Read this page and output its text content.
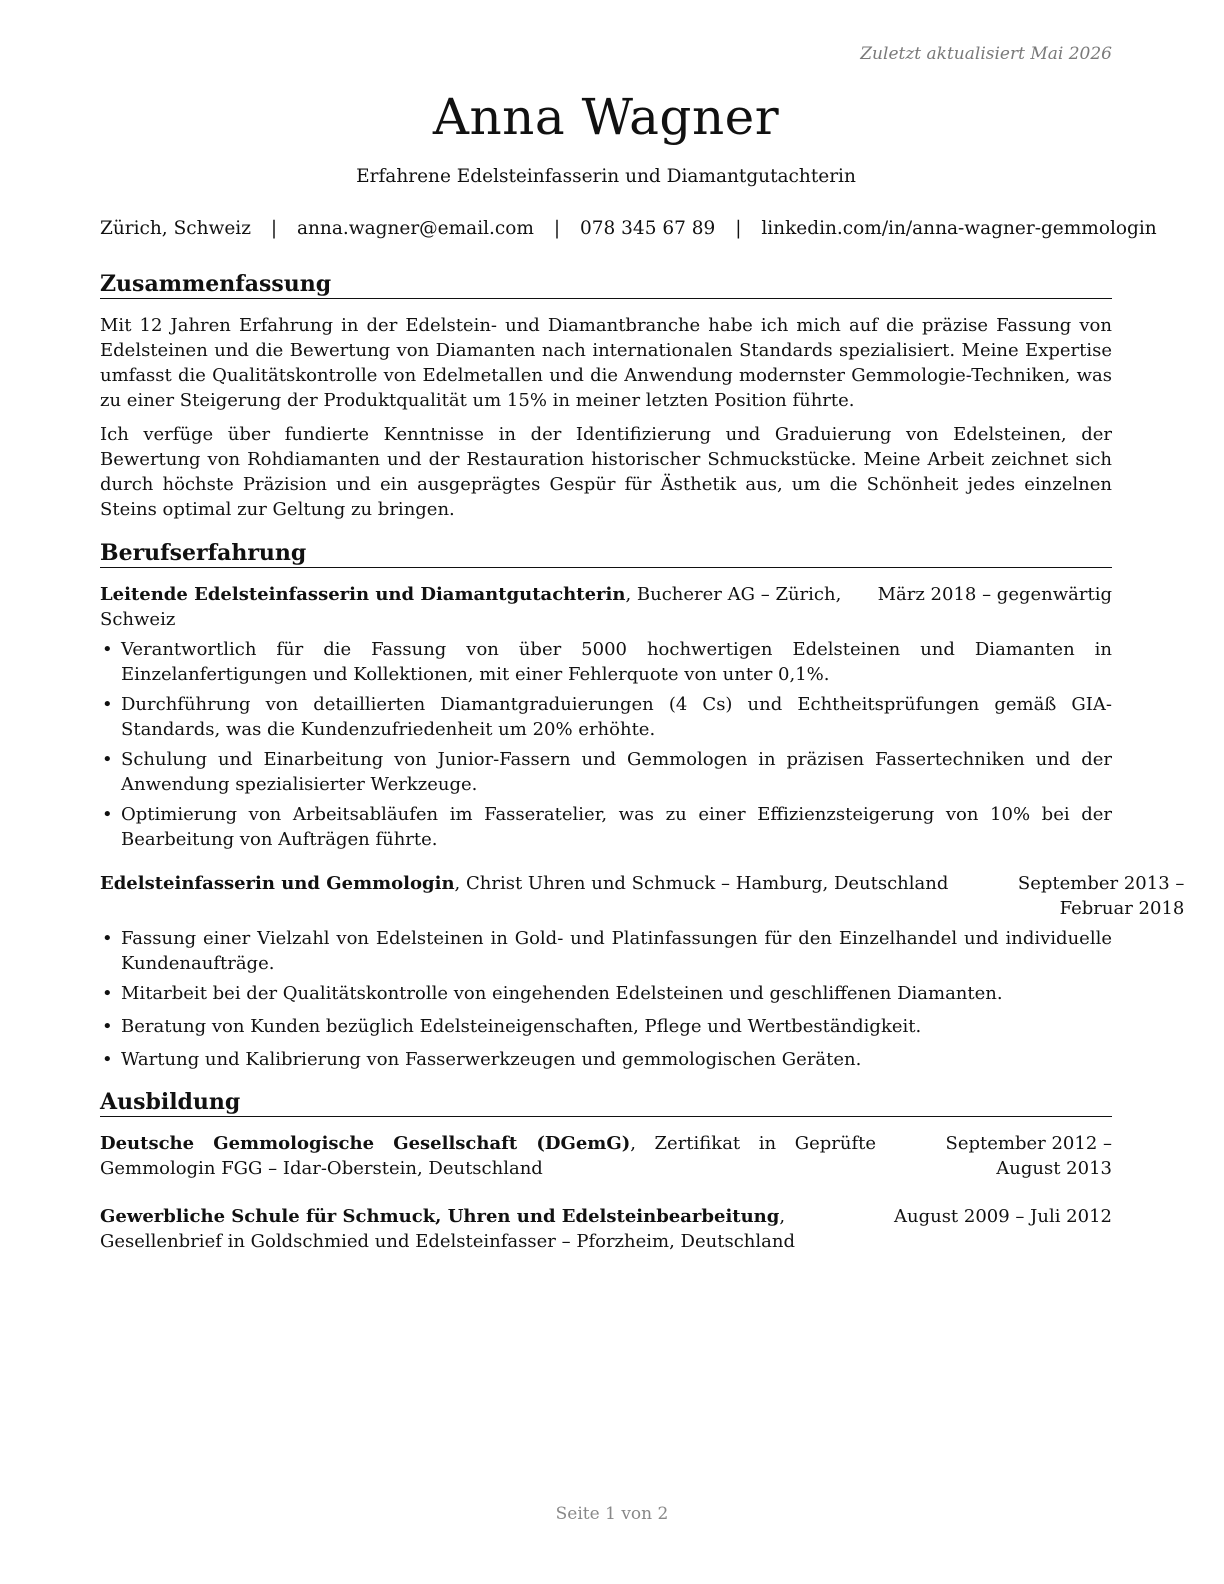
Zuletzt aktualisiert Mai 2026
Anna Wagner
Erfahrene Edelsteinfasserin und Diamantgutachterin
Zürich, Schweiz | anna.wagner@email.com | 078 345 67 89 | linkedin.com/in/anna-wagner-gemmologin
Zusammenfassung

Mit 12 Jahren Erfahrung in der Edelstein- und Diamantbranche habe ich mich auf die präzise Fassung von Edelsteinen und die Bewertung von Diamanten nach internationalen Standards spezialisiert. Meine Expertise umfasst die Qualitätskontrolle von Edelmetallen und die Anwendung modernster Gemmologie-Techniken, was zu einer Steigerung der Produktqualität um 15% in meiner letzten Position führte.

Ich verfüge über fundierte Kenntnisse in der Identifizierung und Graduierung von Edelsteinen, der Bewertung von Rohdiamanten und der Restauration historischer Schmuckstücke. Meine Arbeit zeichnet sich durch höchste Präzision und ein ausgeprägtes Gespür für Ästhetik aus, um die Schönheit jedes einzelnen Steins optimal zur Geltung zu bringen.

Berufserfahrung
Leitende Edelsteinfasserin und Diamantgutachterin, Bucherer AG – Zürich, Schweiz
März 2018 – gegenwärtig
• Verantwortlich für die Fassung von über 5000 hochwertigen Edelsteinen und Diamanten in Einzelanfertigungen und Kollektionen, mit einer Fehlerquote von unter 0,1%.
• Durchführung von detaillierten Diamantgraduierungen (4 Cs) und Echtheitsprüfungen gemäß GIA-Standards, was die Kundenzufriedenheit um 20% erhöhte.
• Schulung und Einarbeitung von Junior-Fassern und Gemmologen in präzisen Fassertechniken und der Anwendung spezialisierter Werkzeuge.
• Optimierung von Arbeitsabläufen im Fasseratelier, was zu einer Effizienzsteigerung von 10% bei der Bearbeitung von Aufträgen führte.
Edelsteinfasserin und Gemmologin, Christ Uhren und Schmuck – Hamburg, Deutschland	September 2013 – Februar 2018
• Fassung einer Vielzahl von Edelsteinen in Gold- und Platinfassungen für den Einzelhandel und individuelle Kundenaufträge.
• Mitarbeit bei der Qualitätskontrolle von eingehenden Edelsteinen und geschliffenen Diamanten.
• Beratung von Kunden bezüglich Edelsteineigenschaften, Pflege und Wertbeständigkeit.
• Wartung und Kalibrierung von Fasserwerkzeugen und gemmologischen Geräten.
Ausbildung
Deutsche Gemmologische Gesellschaft (DGemG), Zertifikat in Geprüfte Gemmologin FGG – Idar-Oberstein, Deutschland
September 2012 – August 2013
Gewerbliche Schule für Schmuck, Uhren und Edelsteinbearbeitung, Gesellenbrief in Goldschmied und Edelsteinfasser – Pforzheim, Deutschland
August 2009 – Juli 2012
Seite 1 von 2
